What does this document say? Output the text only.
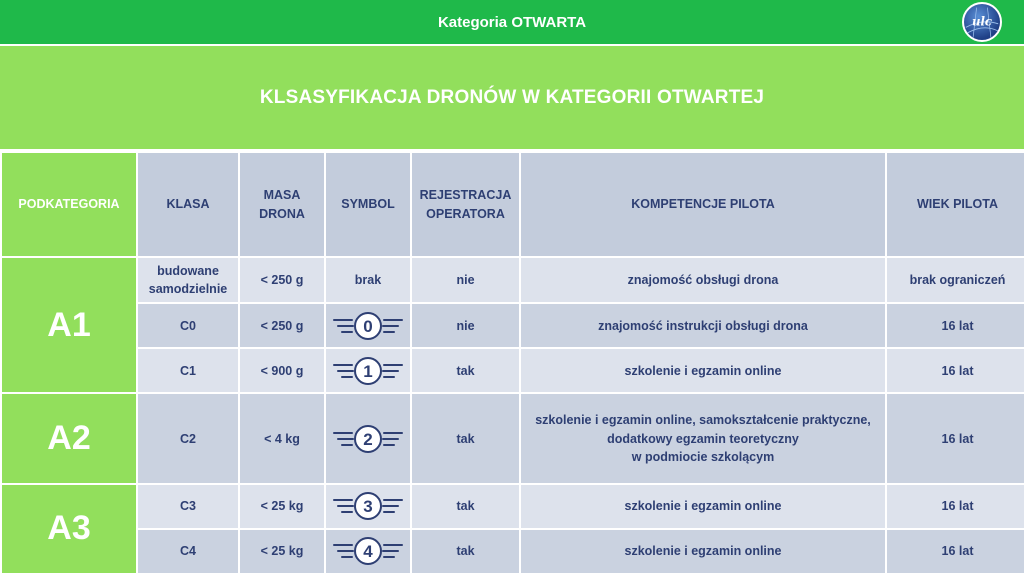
Kategoria OTWARTA	ulc
KLSASYFIKACJA DRONÓW W KATEGORII OTWARTEJ
PODKATEGORIA	KLASA	MASA DRONA	SYMBOL	REJESTRACJA OPERATORA	KOMPETENCJE PILOTA	WIEK PILOTA
A1	budowane samodzielnie	< 250 g	brak	nie	znajomość obsługi drona	brak ograniczeń
	C0	< 250 g	0	nie	znajomość instrukcji obsługi drona	16 lat
	C1	< 900 g	1	tak	szkolenie i egzamin online	16 lat
A2	C2	< 4 kg	2	tak	szkolenie i egzamin online, samokształcenie praktyczne,
dodatkowy egzamin teoretyczny
w podmiocie szkolącym	16 lat
A3	C3	< 25 kg	3	tak	szkolenie i egzamin online	16 lat
	C4	< 25 kg	4	tak	szkolenie i egzamin online	16 lat
